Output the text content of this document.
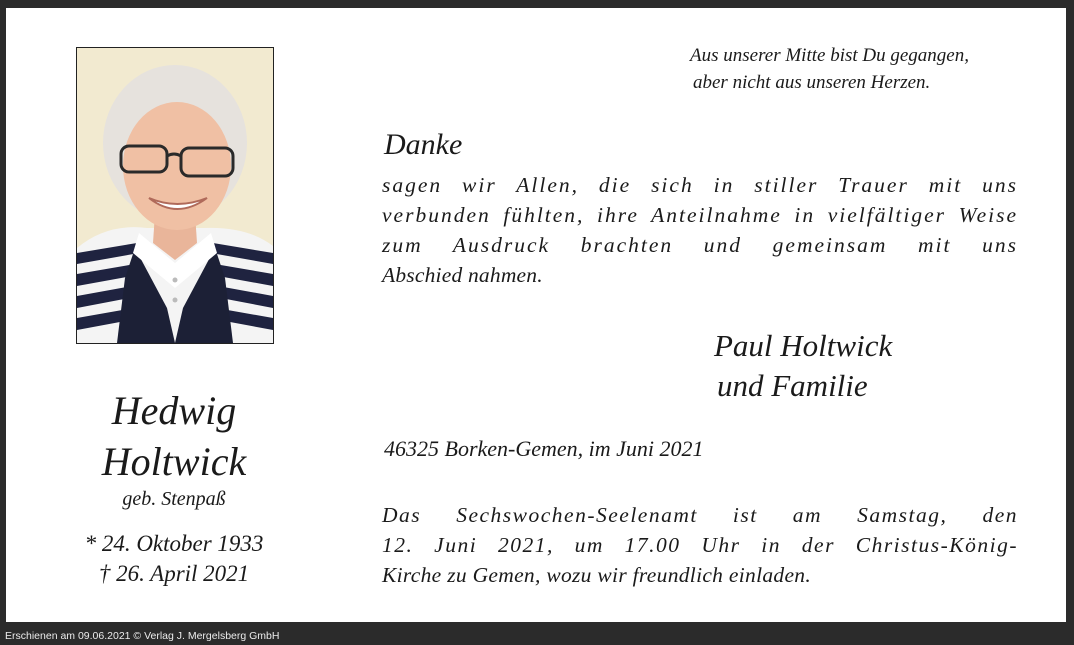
Aus unserer Mitte bist Du gegangen,
aber nicht aus unseren Herzen.
Danke
sagen wir Allen, die sich in stiller Trauer mit uns
verbunden fühlten, ihre Anteilnahme in vielfältiger Weise
zum Ausdruck brachten und gemeinsam mit uns
Abschied nahmen.
Paul Holtwick
und Familie
46325 Borken-Gemen, im Juni 2021
Das Sechswochen-Seelenamt ist am Samstag, den
12. Juni 2021, um 17.00 Uhr in der Christus-König-
Kirche zu Gemen, wozu wir freundlich einladen.
Hedwig
Holtwick
geb. Stenpaß
* 24. Oktober 1933
† 26. April 2021
Erschienen am 09.06.2021 © Verlag J. Mergelsberg GmbH
